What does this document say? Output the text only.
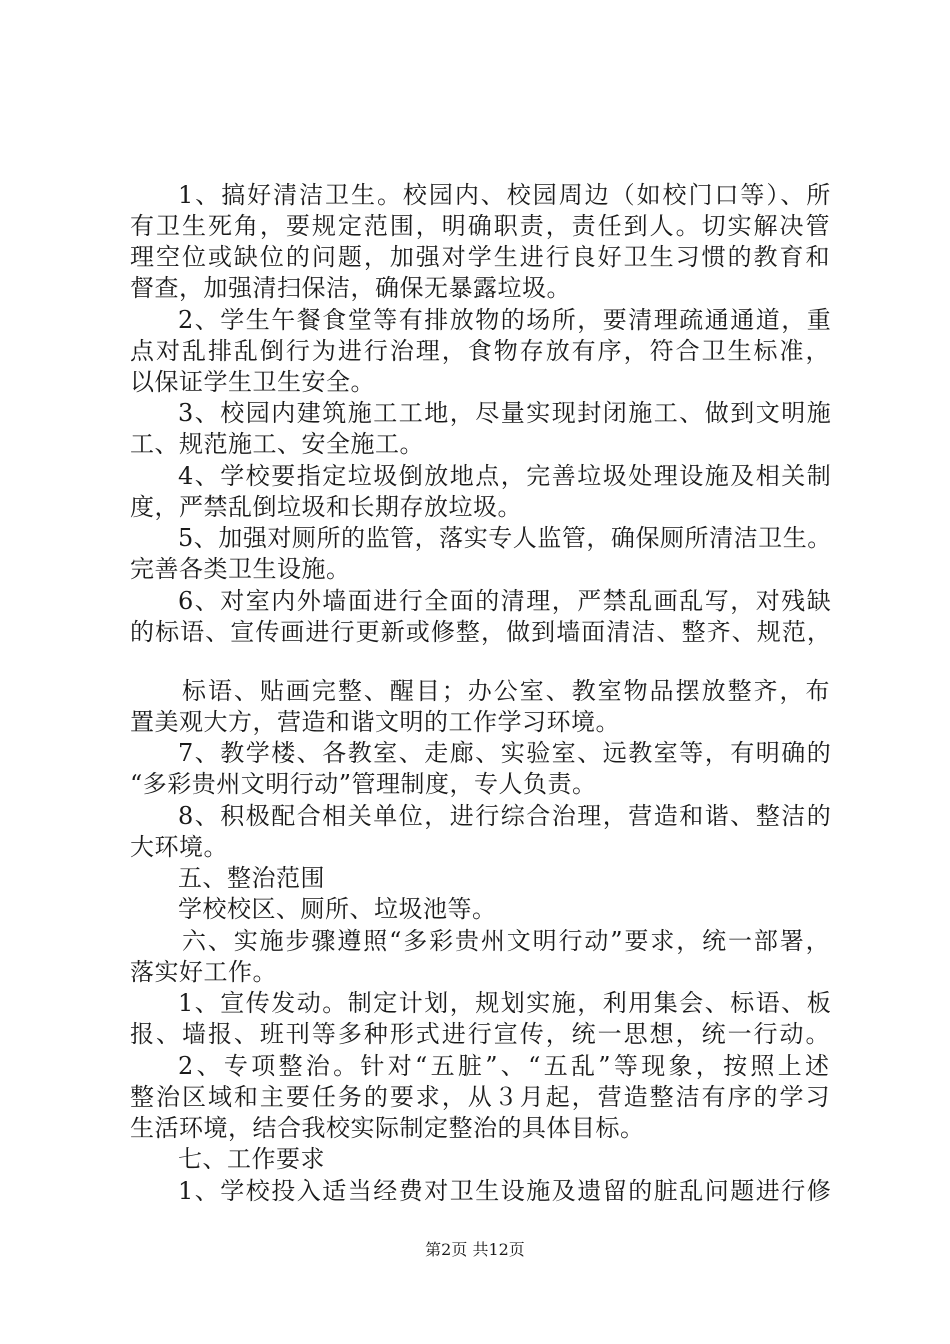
1、搞好清洁卫生。校园内、校园周边（如校门口等）、所
有卫生死角，要规定范围，明确职责，责任到人。切实解决管
理空位或缺位的问题，加强对学生进行良好卫生习惯的教育和
督查，加强清扫保洁，确保无暴露垃圾。
2、学生午餐食堂等有排放物的场所，要清理疏通通道，重
点对乱排乱倒行为进行治理，食物存放有序，符合卫生标准，
以保证学生卫生安全。
3、校园内建筑施工工地，尽量实现封闭施工、做到文明施
工、规范施工、安全施工。
4、学校要指定垃圾倒放地点，完善垃圾处理设施及相关制
度，严禁乱倒垃圾和长期存放垃圾。
5、加强对厕所的监管，落实专人监管，确保厕所清洁卫生。
完善各类卫生设施。
6、对室内外墙面进行全面的清理，严禁乱画乱写，对残缺
的标语、宣传画进行更新或修整，做到墙面清洁、整齐、规范，
标语、贴画完整、醒目；办公室、教室物品摆放整齐，布
置美观大方，营造和谐文明的工作学习环境。
7、教学楼、各教室、走廊、实验室、远教室等，有明确的
“多彩贵州文明行动”管理制度，专人负责。
8、积极配合相关单位，进行综合治理，营造和谐、整洁的
大环境。
五、整治范围
学校校区、厕所、垃圾池等。
六、实施步骤遵照“多彩贵州文明行动”要求，统一部署，
落实好工作。
1、宣传发动。制定计划，规划实施，利用集会、标语、板
报、墙报、班刊等多种形式进行宣传，统一思想，统一行动。
2、专项整治。针对“五脏”、“五乱”等现象，按照上述
整治区域和主要任务的要求，从３月起，营造整洁有序的学习
生活环境，结合我校实际制定整治的具体目标。
七、工作要求
1、学校投入适当经费对卫生设施及遗留的脏乱问题进行修
第2页 共12页
